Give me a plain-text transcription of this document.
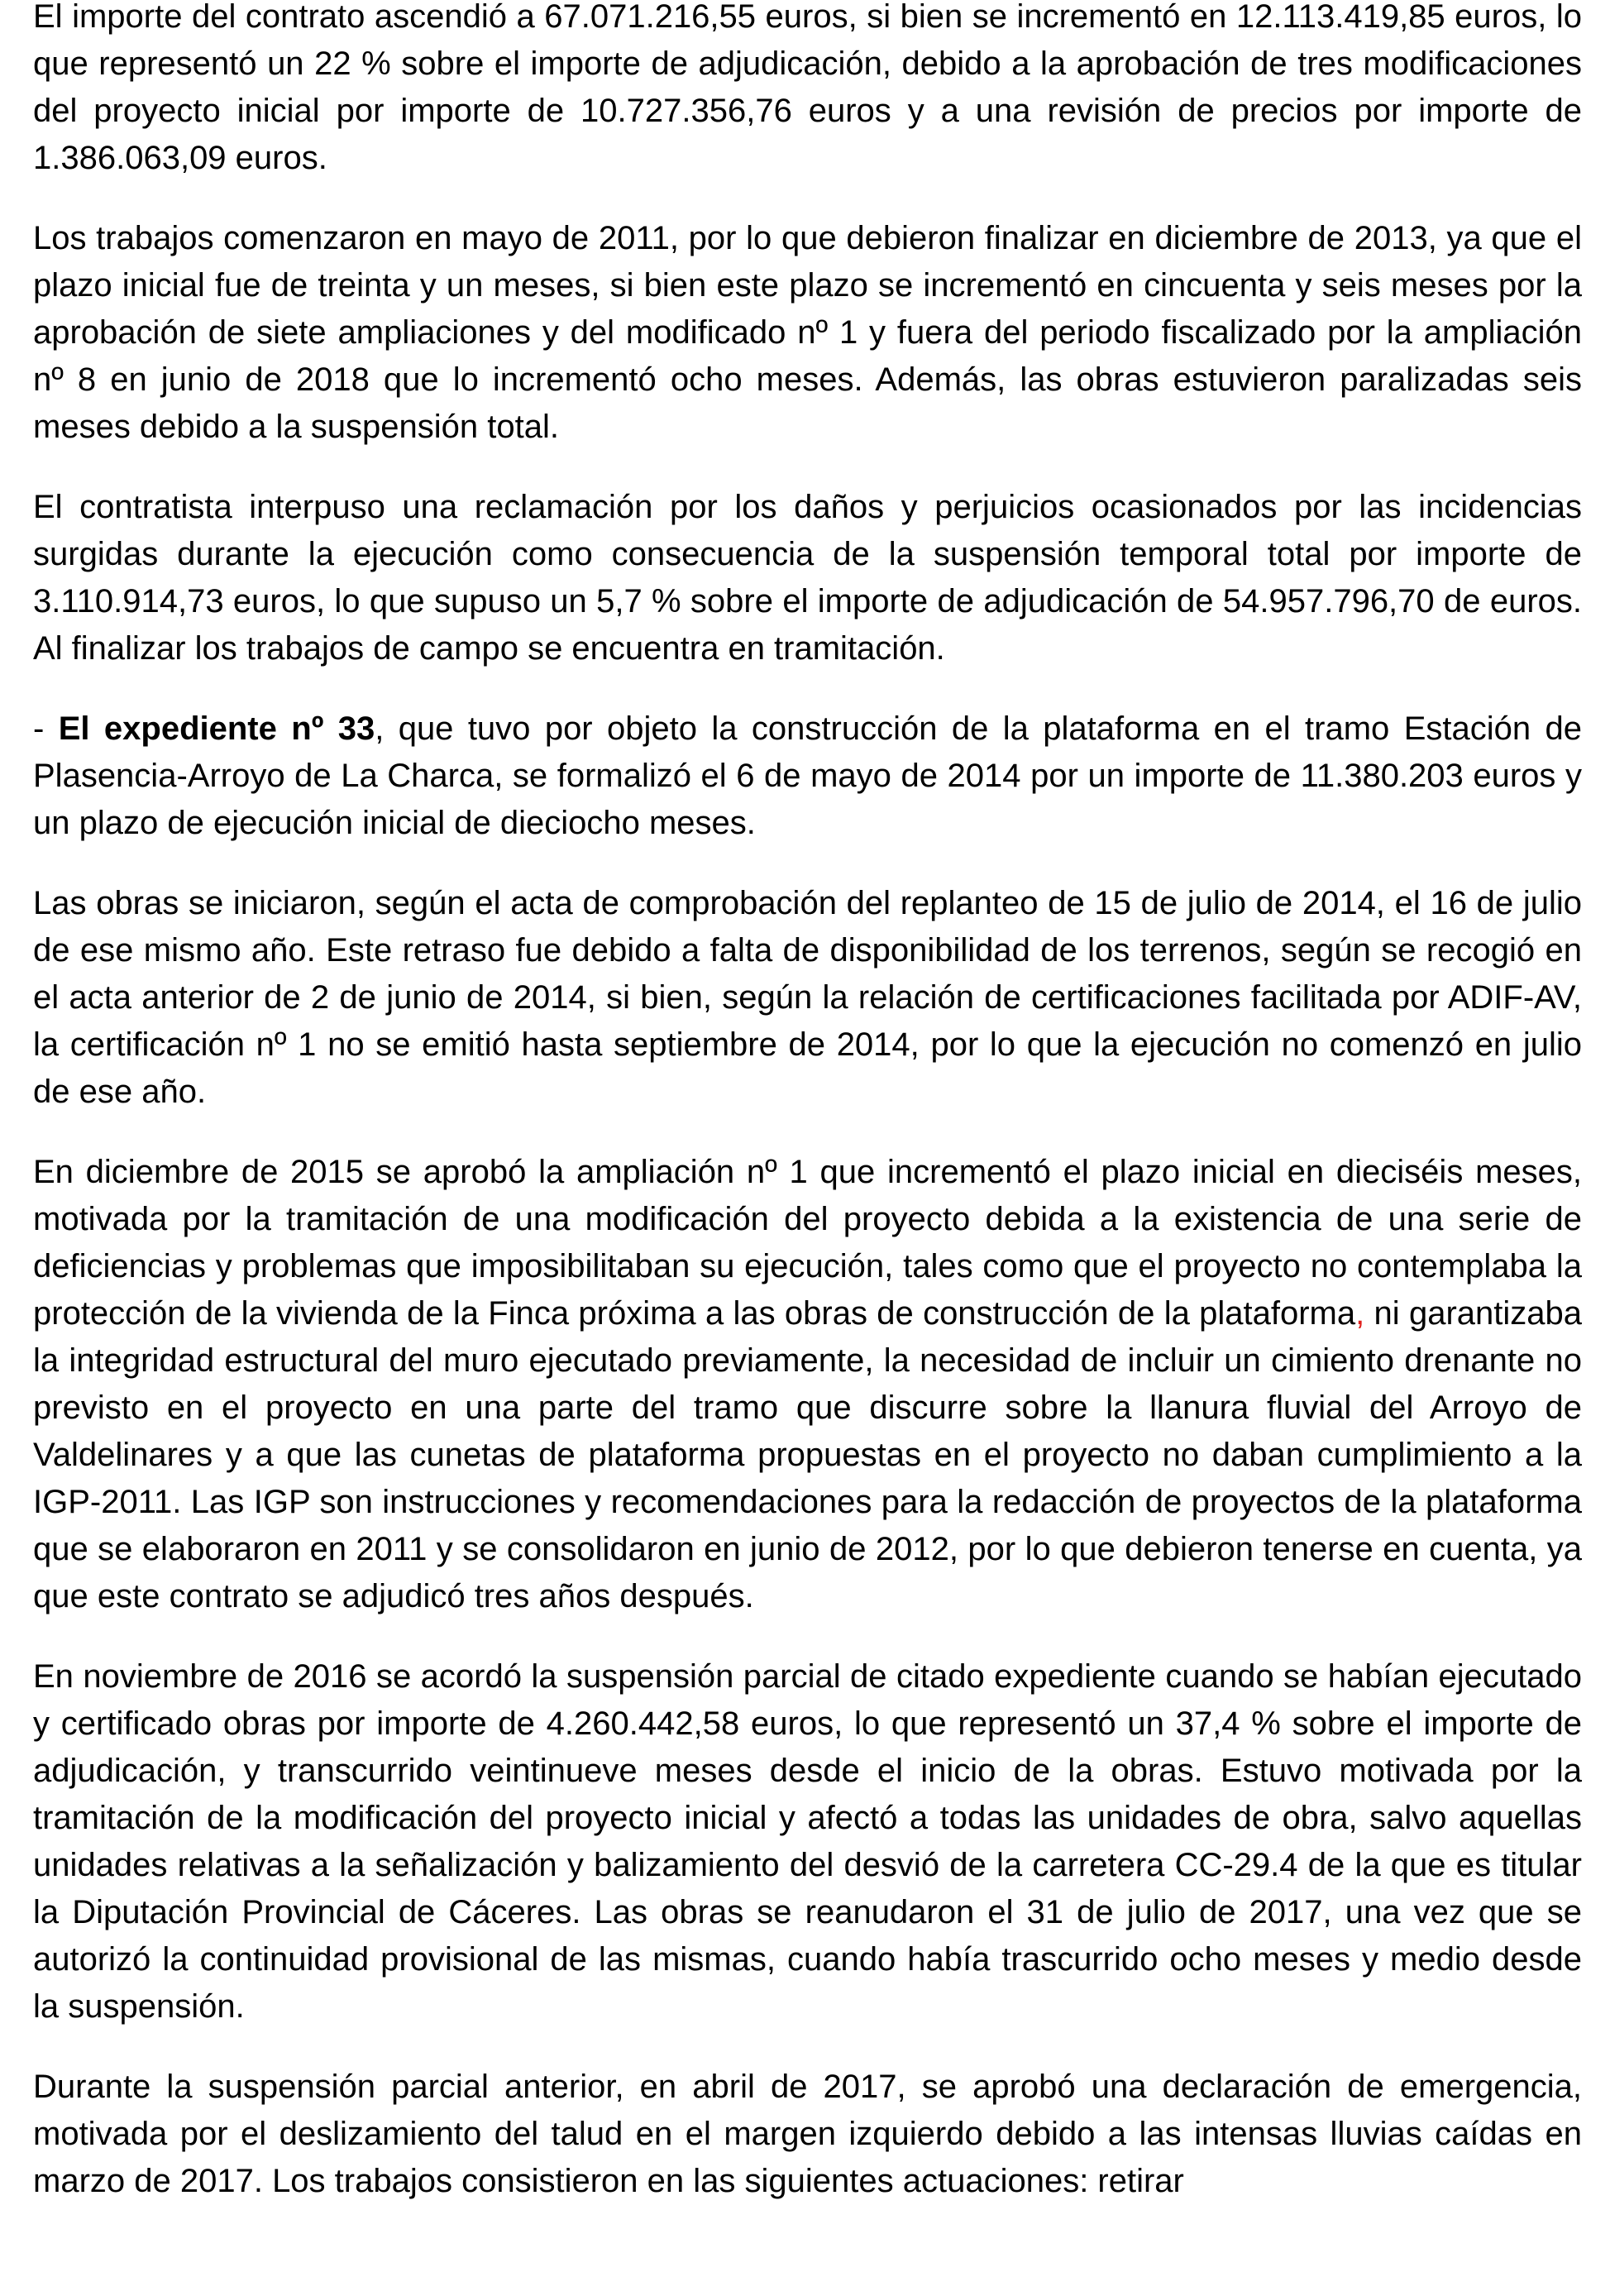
El importe del contrato ascendió a 67.071.216,55 euros, si bien se incrementó en 12.113.419,85 euros, lo que representó un 22 % sobre el importe de adjudicación, debido a la aprobación de tres modificaciones del proyecto inicial por importe de 10.727.356,76 euros y a una revisión de precios por importe de 1.386.063,09 euros.

Los trabajos comenzaron en mayo de 2011, por lo que debieron finalizar en diciembre de 2013, ya que el plazo inicial fue de treinta y un meses, si bien este plazo se incrementó en cincuenta y seis meses por la aprobación de siete ampliaciones y del modificado nº 1 y fuera del periodo fiscalizado por la ampliación nº 8 en junio de 2018 que lo incrementó ocho meses. Además, las obras estuvieron paralizadas seis meses debido a la suspensión total.

El contratista interpuso una reclamación por los daños y perjuicios ocasionados por las incidencias surgidas durante la ejecución como consecuencia de la suspensión temporal total por importe de 3.110.914,73 euros, lo que supuso un 5,7 % sobre el importe de adjudicación de 54.957.796,70 de euros. Al finalizar los trabajos de campo se encuentra en tramitación.

- El expediente nº 33, que tuvo por objeto la construcción de la plataforma en el tramo Estación de Plasencia-Arroyo de La Charca, se formalizó el 6 de mayo de 2014 por un importe de 11.380.203 euros y un plazo de ejecución inicial de dieciocho meses.

Las obras se iniciaron, según el acta de comprobación del replanteo de 15 de julio de 2014, el 16 de julio de ese mismo año. Este retraso fue debido a falta de disponibilidad de los terrenos, según se recogió en el acta anterior de 2 de junio de 2014, si bien, según la relación de certificaciones facilitada por ADIF-AV, la certificación nº 1 no se emitió hasta septiembre de 2014, por lo que la ejecución no comenzó en julio de ese año.

En diciembre de 2015 se aprobó la ampliación nº 1 que incrementó el plazo inicial en dieciséis meses, motivada por la tramitación de una modificación del proyecto debida a la existencia de una serie de deficiencias y problemas que imposibilitaban su ejecución, tales como que el proyecto no contemplaba la protección de la vivienda de la Finca próxima a las obras de construcción de la plataforma, ni garantizaba la integridad estructural del muro ejecutado previamente, la necesidad de incluir un cimiento drenante no previsto en el proyecto en una parte del tramo que discurre sobre la llanura fluvial del Arroyo de Valdelinares y a que las cunetas de plataforma propuestas en el proyecto no daban cumplimiento a la IGP-2011. Las IGP son instrucciones y recomendaciones para la redacción de proyectos de la plataforma que se elaboraron en 2011 y se consolidaron en junio de 2012, por lo que debieron tenerse en cuenta, ya que este contrato se adjudicó tres años después.

En noviembre de 2016 se acordó la suspensión parcial de citado expediente cuando se habían ejecutado y certificado obras por importe de 4.260.442,58 euros, lo que representó un 37,4 % sobre el importe de adjudicación, y transcurrido veintinueve meses desde el inicio de la obras. Estuvo motivada por la tramitación de la modificación del proyecto inicial y afectó a todas las unidades de obra, salvo aquellas unidades relativas a la señalización y balizamiento del desvió de la carretera CC-29.4 de la que es titular la Diputación Provincial de Cáceres. Las obras se reanudaron el 31 de julio de 2017, una vez que se autorizó la continuidad provisional de las mismas, cuando había trascurrido ocho meses y medio desde la suspensión.

Durante la suspensión parcial anterior, en abril de 2017, se aprobó una declaración de emergencia, motivada por el deslizamiento del talud en el margen izquierdo debido a las intensas lluvias caídas en marzo de 2017. Los trabajos consistieron en las siguientes actuaciones: retirar
